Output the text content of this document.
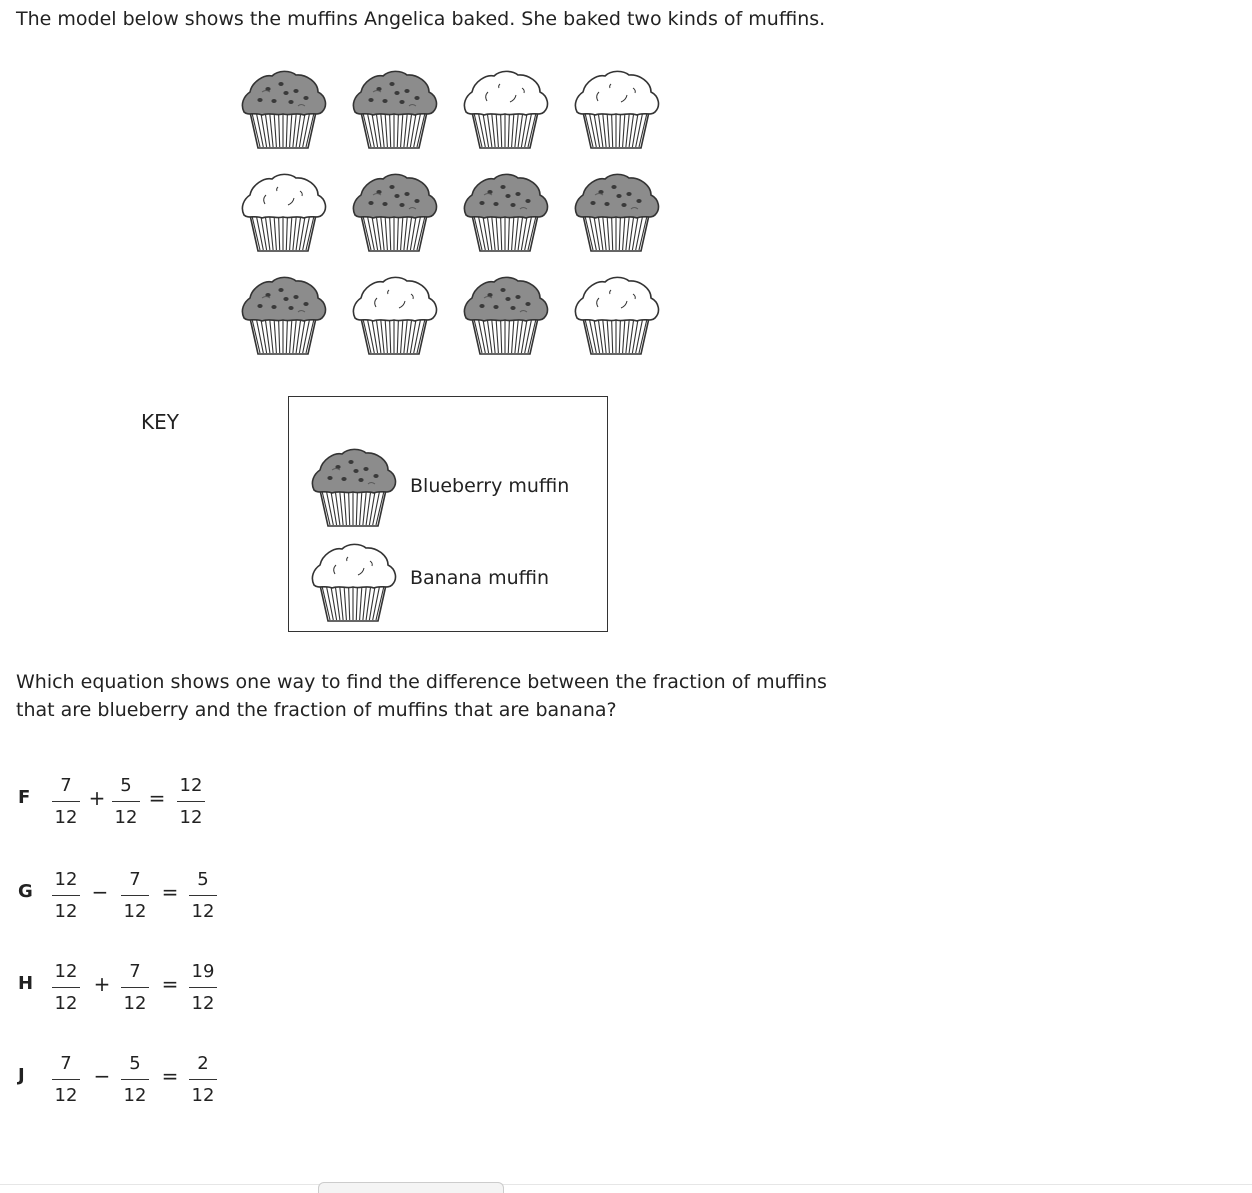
The model below shows the muffins Angelica baked. She baked two kinds of muffins.

KEY
Blueberry muffin
Banana muffin

Which equation shows one way to find the difference between the fraction of muffins
that are blueberry and the fraction of muffins that are banana?

F
7
12
+
5
12
=
12
12
G
12
12
−
7
12
=
5
12
H
12
12
+
7
12
=
19
12
J
7
12
−
5
12
=
2
12
